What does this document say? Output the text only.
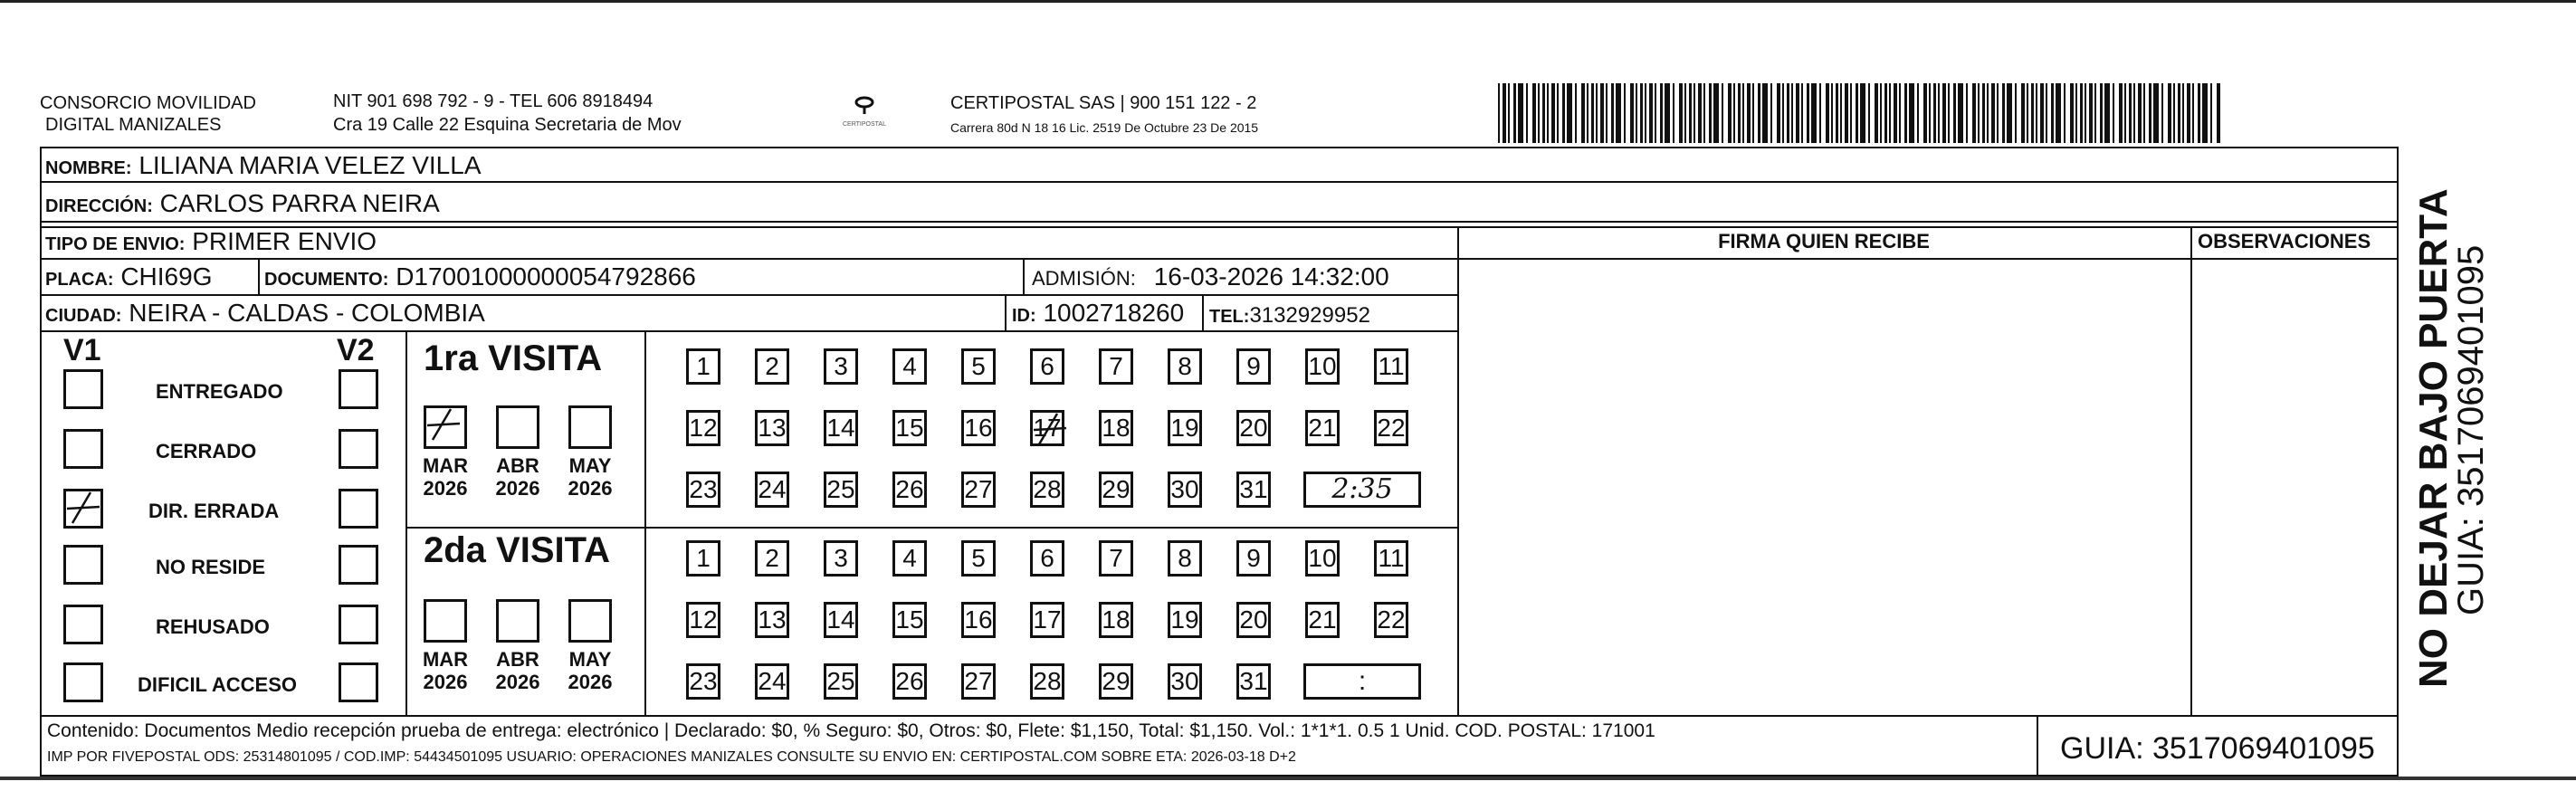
CONSORCIO MOVILIDAD
DIGITAL MANIZALES
NIT 901 698 792 - 9 - TEL 606 8918494
Cra 19 Calle 22 Esquina Secretaria de Mov	CERTIPOSTAL
CERTIPOSTAL SAS | 900 151 122 - 2
Carrera 80d N 18 16 Lic. 2519 De Octubre 23 De 2015
NOMBRE: LILIANA MARIA VELEZ VILLA
DIRECCIÓN: CARLOS PARRA NEIRA
TIPO DE ENVIO: PRIMER ENVIO	FIRMA QUIEN RECIBE	OBSERVACIONES
PLACA: CHI69G	DOCUMENTO: D17001000000054792866	ADMISIÓN: 16-03-2026 14:32:00
CIUDAD: NEIRA - CALDAS - COLOMBIA	ID: 1002718260 TEL:3132929952
V1	V2 1ra VISITA
2da VISITA
Contenido: Documentos Medio recepción prueba de entrega: electrónico | Declarado: $0, % Seguro: $0, Otros: $0, Flete: $1,150, Total: $1,150. Vol.: 1*1*1. 0.5 1 Unid. COD. POSTAL: 171001
IMP POR FIVEPOSTAL ODS: 25314801095 / COD.IMP: 54434501095 USUARIO: OPERACIONES MANIZALES CONSULTE SU ENVIO EN: CERTIPOSTAL.COM SOBRE ETA: 2026-03-18 D+2	GUIA: 3517069401095
NO DEJAR BAJO PUERTA
GUIA: 3517069401095
ENTREGADO
CERRADO
DIR. ERRADA
NO RESIDE
REHUSADO
DIFICIL ACCESO
MAR
2026
ABR
2026
MAY
2026
MAR
2026
ABR
2026
MAY
2026
1	2	3	4	5	6	7	8	9	10 11
12 13 14 15 16 17 18 19 20 21 22
23 24 25 26 27 28 29 30 31	2:35
1	2	3	4	5	6	7	8	9	10 11
12 13 14 15 16 17 18 19 20 21 22
23 24 25 26 27 28 29 30 31	:
